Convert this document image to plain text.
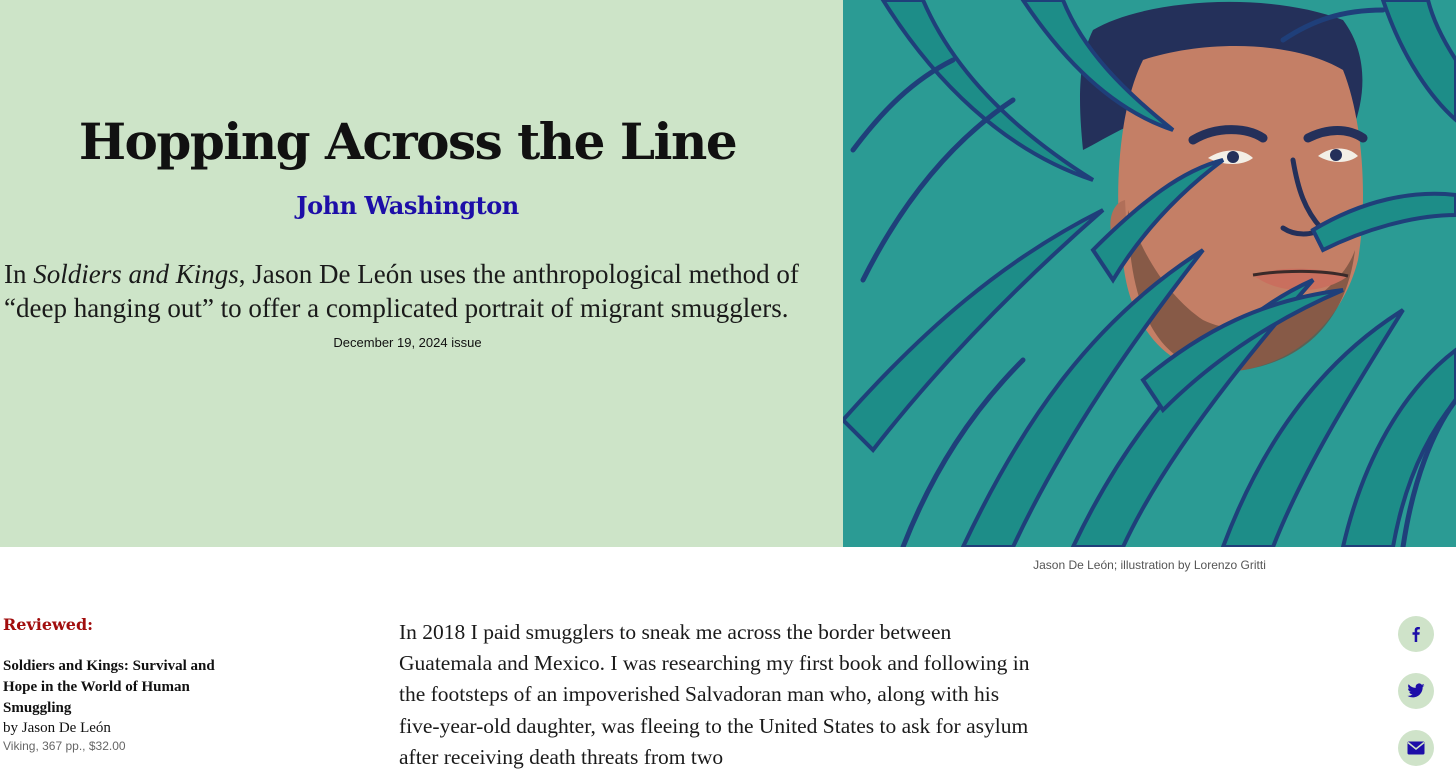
Hopping Across the Line
John Washington

In Soldiers and Kings, Jason De León uses the anthropological method of “deep hanging out” to offer a complicated portrait of migrant smugglers.

December 19, 2024 issue
Jason De León; illustration by Lorenzo Gritti
Reviewed:
Soldiers and Kings: Survival and Hope in the World of Human Smuggling
by Jason De León
Viking, 367 pp., $32.00

In 2018 I paid smugglers to sneak me across the border between Guatemala and Mexico. I was researching my first book and following in the footsteps of an impoverished Salvadoran man who, along with his five-year-old daughter, was fleeing to the United States to ask for asylum after receiving death threats from two
